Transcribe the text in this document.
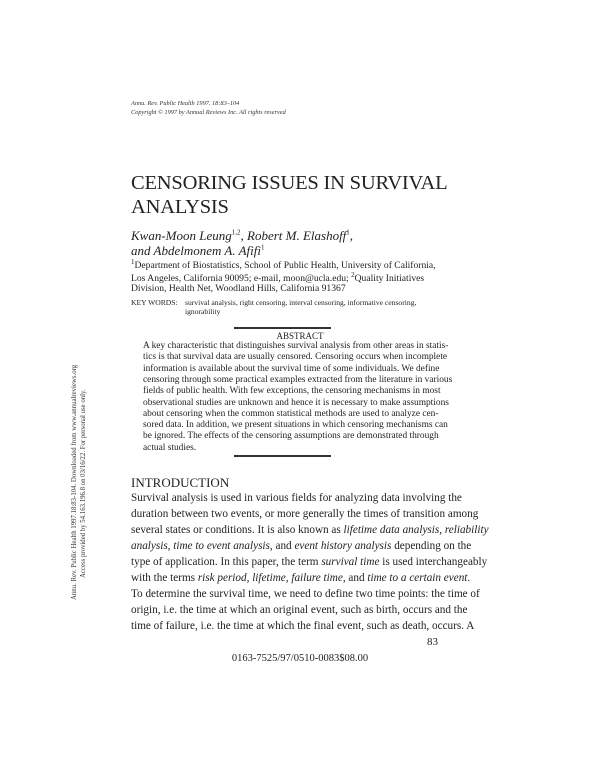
Annu. Rev. Public Health 1997. 18:83–104
Copyright © 1997 by Annual Reviews Inc. All rights reserved
CENSORING ISSUES IN SURVIVAL
ANALYSIS
Kwan-Moon Leung$^{1,2}$, Robert M. Elashoff$^1$,
and Abdelmonem A. Afifi$^1$
$^1$Department of Biostatistics, School of Public Health, University of California,
Los Angeles, California 90095; e-mail, moon@ucla.edu; $^2$Quality Initiatives
Division, Health Net, Woodland Hills, California 91367
KEY WORDS: survival analysis, right censoring, interval censoring, informative censoring,
ignorability
ABSTRACT
A key characteristic that distinguishes survival analysis from other areas in statis-
tics is that survival data are usually censored. Censoring occurs when incomplete
information is available about the survival time of some individuals. We define
censoring through some practical examples extracted from the literature in various
fields of public health. With few exceptions, the censoring mechanisms in most
observational studies are unknown and hence it is necessary to make assumptions
about censoring when the common statistical methods are used to analyze cen-
sored data. In addition, we present situations in which censoring mechanisms can
be ignored. The effects of the censoring assumptions are demonstrated through
actual studies.
INTRODUCTION
Survival analysis is used in various fields for analyzing data involving the
duration between two events, or more generally the times of transition among
several states or conditions. It is also known as lifetime data analysis, reliability
analysis, time to event analysis, and event history analysis depending on the
type of application. In this paper, the term survival time is used interchangeably
with the terms risk period, lifetime, failure time, and time to a certain event.
To determine the survival time, we need to define two time points: the time of
origin, i.e. the time at which an original event, such as birth, occurs and the
time of failure, i.e. the time at which the final event, such as death, occurs. A
83
0163-7525/97/0510-0083$08.00
Annu. Rev. Public Health 1997.18:83-104. Downloaded from www.annualreviews.org Access provided by 54.163.196.8 on 03/16/22. For personal use only.
